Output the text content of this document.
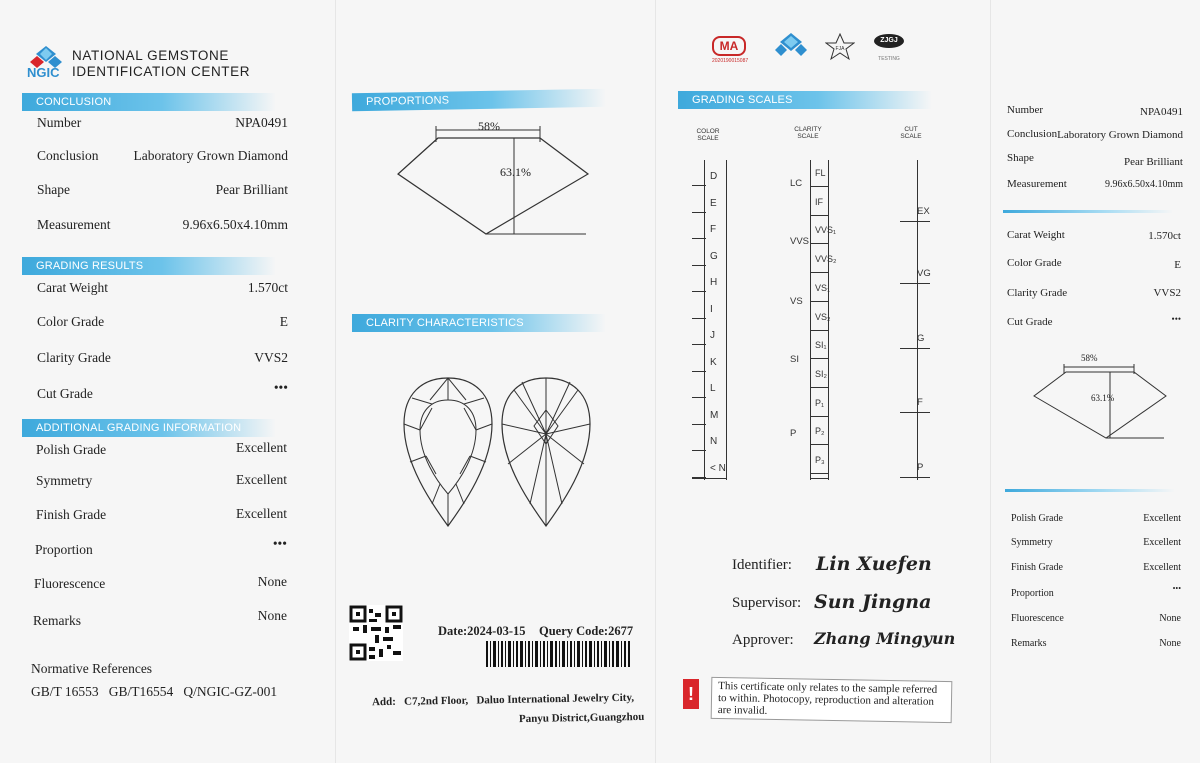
NGIC
NATIONAL GEMSTONE
IDENTIFICATION CENTER
CONCLUSION
Number	NPA0491
Conclusion	Laboratory Grown Diamond
Shape	Pear Brilliant
Measurement	9.96x6.50x4.10mm
GRADING RESULTS
Carat Weight	1.570ct
Color Grade	E
Clarity Grade	VVS2
Cut Grade	•••
ADDITIONAL GRADING INFORMATION
Polish Grade	Excellent
Symmetry	Excellent
Finish Grade	Excellent
Proportion	•••
Fluorescence	None
Remarks	None
Normative References
GB/T 16553   GB/T16554   Q/NGIC-GZ-001
PROPORTIONS
58%
63.1%
CLARITY CHARACTERISTICS
Date:2024-03-15 Query Code:2677
Add:   C7,2nd Floor,   Daluo International Jewelry City,
Panyu District,Guangzhou
MA
2020190015087
FJA
ZJGJ
TESTING
GRADING SCALES
COLOR
SCALE
CLARITY
SCALE
CUT
SCALE
D
E
F
G
H
I
J
K
L
M
N
< N
FL
IF
VVS₁
VVS₂
VS₁
VS₂
SI₁
SI₂
P₁
P₂
P₃
LC
VVS
VS
SI
P
EX
VG
G
F
P
Identifier: Lin Xuefen
Supervisor: Sun Jingna
Approver: Zhang Mingyun
!	This certificate only relates to the sample referred
to within. Photocopy, reproduction and alteration
are invalid.
Number	NPA0491
Conclusion Laboratory Grown Diamond
Shape	Pear Brilliant
Measurement	9.96x6.50x4.10mm
Carat Weight	1.570ct
Color Grade	E
Clarity Grade	VVS2
Cut Grade	•••
58%
63.1%
Polish Grade	Excellent
Symmetry	Excellent
Finish Grade	Excellent
Proportion	•••
Fluorescence	None
Remarks	None
